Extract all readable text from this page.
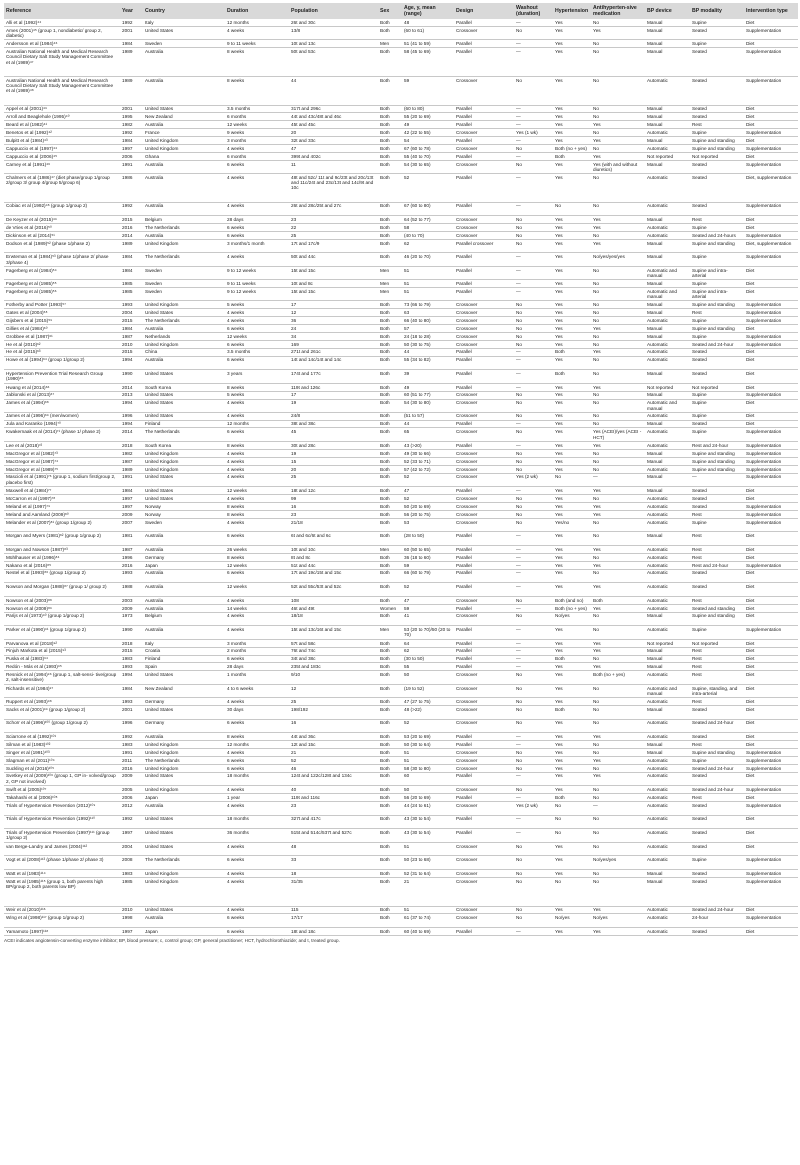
Reference	Year	Country	Duration	Population	Sex	Age, y, mean (range)	Design	Washout (duration)	Hypertension	Antihyperten-sive medication	BP device	BP modality	Intervention type
Alli et al (1992)⁴⁴	1992	Italy	12 months	26t and 30c	Both	48	Parallel	—	Yes	No	Manual	Supine	Diet
Ames (2001)⁴⁵ (group 1, nondiabetic/ group 2, diabetic)	2001	United States	4 weeks	13/8	Both	(60 to 61)	Crossover	No	Yes	Yes	Manual	Seated	Supplementation
Andersson et al (1984)⁴⁶	1984	Sweden	9 to 11 weeks	10t and 13c	Men	51 (41 to 59)	Parallel	—	Yes	No	Manual	Supine	Diet
Australian National Health and Medical Research Council Dietary Salt Study Management Committee et al (1989)⁴⁷	1989	Australia	8 weeks	50t and 53c	Both	58 (45 to 69)	Parallel	—	Yes	No	Manual	Seated	Supplementation
Australian National Health and Medical Research Council Dietary Salt Study Management Committee et al (1989)⁴⁸	1989	Australia	8 weeks	44	Both	59	Crossover	No	Yes	No	Automatic	Seated	Supplementation
Appel et al (2001)⁴⁹	2001	United States	3.5 months	317t and 296c	Both	(60 to 80)	Parallel	—	Yes	No	Manual	Seated	Diet
Arroll and Beaglehole (1995)⁴⁰	1995	New Zealand	6 months	44t and 43c/48t and 46c	Both	55 (20 to 69)	Parallel	—	Yes	No	Manual	Seated	Diet
Beard et al (1982)⁴¹	1982	Australia	12 weeks	45t and 45c	Both	49	Parallel	—	Yes	Yes	Manual	Rest	Diet
Benetos et al (1992)⁴²	1992	France	9 weeks	20	Both	42 (22 to 55)	Crossover	Yes (1 wk)	Yes	No	Automatic	Supine	Supplementation
Bulpitt et al (1984)⁴³	1984	United Kingdom	3 months	32t and 33c	Both	54	Parallel	—	Yes	Yes	Manual	Supine and standing	Diet
Cappuccio et al (1997)⁴⁴	1997	United Kingdom	4 weeks	47	Both	67 (60 to 78)	Crossover	No	Both (no + yes)	No	Automatic	Supine and standing	Supplementation
Cappuccio et al (2006)⁴⁵	2006	Ghana	6 months	399t and 402c	Both	55 (40 to 70)	Parallel	—	Both	Yes	Not reported	Not reported	Diet
Carney et al (1991)⁴⁶	1991	Australia	6 weeks	11	Both	54 (30 to 65)	Crossover	No	Yes	Yes (with and without diuretics)	Manual	Seated	Supplementation
Chalmers et al (1986)⁴⁷ (diet phase/group 1/group 2/group 3/ group 4/group 5/group 6)	1986	Australia	4 weeks	48t and 52c/ 11t and 9c/23t and 20c/13t and 11c/24t and 23c/13t and 14c/9t and 10c	Both	52	Parallel	—	Yes	No	Automatic	Seated	Diet, supplementation
Cobiac et al (1992)⁴⁸ (group 1/group 2)	1992	Australia	4 weeks	26t and 28c/25t and 27c	Both	67 (60 to 80)	Parallel	—	No	No	Automatic	Seated	Supplementation
De Keyzer et al (2015)⁴⁹	2015	Belgium	28 days	23	Both	64 (52 to 77)	Crossover	No	Yes	Yes	Manual	Rest	Diet
de Vries et al (2016)⁵⁰	2016	The Netherlands	6 weeks	22	Both	58	Crossover	No	Yes	Yes	Automatic	Supine	Diet
Dickinson et al (2014)⁵¹	2014	Australia	6 weeks	25	Both	(40 to 70)	Crossover	No	Yes	No	Automatic	Seated and 24-hours	Supplementation
Dodson et al (1989)⁵² (phase 1/phase 2)	1989	United Kingdom	3 months/1 month	17t and 17c/9	Both	62	Parallel crossover	No	Yes	Yes	Manual	Supine and standing	Diet, supplementation
Erwteman et al (1984)⁵³ (phase 1/phase 2/ phase 3/phase 4)	1984	The Netherlands	4 weeks	50t and 44c	Both	46 (20 to 70)	Parallel	—	Yes	No/yes/yes/yes	Manual	Supine	Supplementation
Fagerberg et al (1984)⁵⁴	1984	Sweden	9 to 12 weeks	15t and 15c	Men	51	Parallel	—	Yes	No	Automatic and manual	Supine and intra-arterial	Diet
Fagerberg et al (1985)⁵⁵	1985	Sweden	9 to 11 weeks	10t and 8c	Men	51	Parallel	—	Yes	No	Manual	Supine	Diet
Fagerberg et al (1985)⁵⁶	1985	Sweden	9 to 12 weeks	15t and 15c	Men	51	Parallel	—	Yes	No	Automatic and manual	Supine and intra-arterial	Diet
Fotherby and Potter (1993)⁵⁷	1993	United Kingdom	5 weeks	17	Both	73 (66 to 79)	Crossover	No	Yes	No	Manual	Supine and standing	Supplementation
Gates et al (2004)⁵⁸	2004	United States	4 weeks	12	Both	63	Crossover	No	Yes	No	Manual	Rest	Supplementation
Gijsbers et al (2015)⁵⁹	2015	The Netherlands	4 weeks	36	Both	66 (40 to 80)	Crossover	No	Yes	No	Automatic	Supine	Supplementation
Gillies et al (1984)⁶⁰	1984	Australia	6 weeks	24	Both	57	Crossover	No	Yes	Yes	Manual	Supine and standing	Diet
Grobbee et al (1987)⁶¹	1987	Netherlands	12 weeks	34	Both	24 (18 to 28)	Crossover	No	Yes	No	Manual	Supine	Supplementation
He et al (2010)⁶²	2010	United Kingdom	6 weeks	169	Both	50 (30 to 75)	Crossover	No	Yes	No	Automatic	Seated and 24-hour	Supplementation
He et al (2015)⁶³	2015	China	3.5 months	271t and 261c	Both	44	Parallel	—	Both	Yes	Automatic	Seated	Diet
Howe et al (1994)⁶⁴ (group 1/group 2)	1994	Australia	6 weeks	14t and 14c/14t and 14c	Both	55 (34 to 82)	Parallel	—	Yes	No	Automatic	Seated	Diet
Hypertension Prevention Trial Research Group (1990)⁶⁵	1990	United States	3 years	174t and 177c	Both	39	Parallel	—	Both	No	Manual	Seated	Diet
Hwang et al (2014)⁶⁶	2014	South Korea	8 weeks	119t and 126c	Both	49	Parallel	—	Yes	Yes	Not reported	Not reported	Diet
Jablonski et al (2013)⁶⁷	2013	United States	5 weeks	17	Both	60 (51 to 77)	Crossover	No	Yes	No	Manual	Supine	Supplementation
James et al (1994)⁶⁸	1994	United States	4 weeks	19	Both	54 (30 to 80)	Crossover	No	Yes	No	Automatic and manual	Supine	Diet
James et al (1996)⁶⁹ (men/women)	1996	United States	4 weeks	24/8	Both	(51 to 57)	Crossover	No	Yes	No	Automatic	Supine	Diet
Jula and Karanko (1994)⁷⁰	1994	Finland	12 months	38t and 38c	Both	44	Parallel	—	Yes	No	Manual	Seated	Diet
Kwakernaak et al (2014)⁷¹ (phase 1/ phase 2)	2014	The Netherlands	6 weeks	45	Both	65	Crossover	No	Yes	Yes (ACEI)/yes (ACEI - HCT)	Automatic	Supine	Supplementation
Lee et al (2018)⁷²	2018	South Korea	8 weeks	30t and 28c	Both	43 (>20)	Parallel	—	Yes	Yes	Automatic	Rest and 24-hour	Supplementation
MacGregor et al (1982)⁷³	1982	United Kingdom	4 weeks	19	Both	49 (30 to 66)	Crossover	No	Yes	No	Manual	Supine and standing	Supplementation
MacGregor et al (1987)⁷⁴	1987	United Kingdom	4 weeks	15	Both	52 (33 to 71)	Crossover	No	Yes	No	Manual	Supine and standing	Supplementation
MacGregor et al (1989)⁷⁵	1989	United Kingdom	4 weeks	20	Both	57 (42 to 72)	Crossover	No	Yes	No	Automatic	Supine and standing	Supplementation
Mascioli et al (1991)⁷⁶ (group 1, sodium first/group 2, placebo first)	1991	United States	4 weeks	25	Both	52	Crossover	Yes (2 wk)	No	—	Manual	—	Supplementation
Maxwell et al (1984)⁷⁷	1984	United States	12 weeks	18t and 12c	Both	47	Parallel	—	Yes	Yes	Manual	Seated	Diet
McCarron et al (1997)⁷⁸	1997	United States	4 weeks	99	Both	52	Crossover	No	Yes	No	Automatic	Seated	Diet
Meland et al (1997)⁷⁹	1997	Norway	8 weeks	16	Both	50 (20 to 69)	Crossover	No	Yes	Yes	Automatic	Seated	Supplementation
Meland and Aamland (2009)⁸⁰	2009	Norway	8 weeks	23	Both	56 (20 to 75)	Crossover	No	Yes	Yes	Automatic	Rest	Supplementation
Melander et al (2007)⁸¹ (group 1/group 2)	2007	Sweden	4 weeks	21/18	Both	53	Crossover	No	Yes/no	No	Automatic	Supine	Supplementation
Morgan and Myers (1981)⁸² (group 1/group 2)	1981	Australia	6 weeks	6t and 6c/6t and 6c	Both	(28 to 50)	Parallel	—	Yes	No	Manual	Rest	Diet
Morgan and Nowson (1987)⁸³	1987	Australia	26 weeks	10t and 10c	Men	60 (50 to 65)	Parallel	—	Yes	Yes	Automatic	Rest	Diet
Mühlhauser et al (1996)⁸⁴	1996	Germany	8 weeks	8t and 8c	Both	36 (18 to 60)	Parallel	—	Yes	No	Automatic	Rest	Diet
Nakano et al (2016)⁸⁵	2016	Japan	12 weeks	51t and 44c	Both	59	Parallel	—	Yes	Yes	Automatic	Rest and 24-hour	Supplementation
Nestel et al (1993)⁸⁶ (group 1/group 2)	1993	Australia	6 weeks	17t and 19c/15t and 15c	Both	66 (60 to 79)	Parallel	—	Yes	No	Automatic	Seated	Diet
Nowson and Morgan (1988)⁸⁷ (group 1/ group 2)	1988	Australia	12 weeks	52t and 55c/53t and 52c	Both	52	Parallel	—	Yes	Yes	Automatic	Seated	Diet
Nowson et al (2003)⁸⁸	2003	Australia	4 weeks	108	Both	47	Crossover	No	Both (and no)	Both	Automatic	Rest	Diet
Nowson et al (2009)⁸⁹	2009	Australia	14 weeks	46t and 49t	Women	59	Parallel	—	Both (no + yes)	Yes	Automatic	Seated and standing	Diet
Parijs et al (1973)⁹⁰ (group 1/group 2)	1973	Belgium	4 weeks	18/18	Both	41	Crossover	No	No/yes	No	Manual	Supine and standing	Diet
Parker et al (1990)⁹¹ (group 1/group 2)	1990	Australia	4 weeks	15t and 13c/16t and 15c	Men	53 (20 to 70)/50 (20 to 70)	Parallel	—	Yes	No	Automatic	Supine	Supplementation
Parvanova et al (2018)⁹²	2018	Italy	3 months	57t and 58c	Both	64	Parallel	—	Yes	Yes	Not reported	Not reported	Diet
Pinjuh Markota et al (2015)⁹³	2015	Croatia	2 months	76t and 74c	Both	62	Parallel	—	Yes	Yes	Manual	Rest	Diet
Puska et al (1983)⁹⁴	1983	Finland	6 weeks	34t and 38c	Both	(30 to 50)	Parallel	—	Both	No	Manual	Rest	Diet
Redón - Más et al (1993)⁹⁵	1993	Spain	28 days	235t and 183c	Both	55	Parallel	—	Yes	Yes	Manual	Rest	Diet
Resnick et al (1994)⁹⁶ (group 1, salt-sensi- tive/group 2, salt-insensitive)	1994	United States	1 months	9/10	Both	50	Crossover	No	Yes	Both (no + yes)	Automatic	Rest	Diet
Richards et al (1984)⁹⁷	1984	New Zealand	4 to 6 weeks	12	Both	(19 to 52)	Crossover	No	Yes	No	Automatic and manual	Supine, standing, and intra-arterial	Diet
Ruppert et al (1993)⁹⁸	1993	Germany	4 weeks	25	Both	47 (27 to 75)	Crossover	No	Yes	No	Automatic	Rest	Diet
Sacks et al (2001)⁹⁹ (group 1/group 2)	2001	United States	30 days	198/192	Both	48 (>22)	Crossover	No	Both	No	Manual	Seated	Diet
Schorr et al (1996)¹⁰⁰ (group 1/group 2)	1996	Germany	6 weeks	16	Both	52	Crossover	No	Yes	No	Automatic	Seated and 24-hour	Diet
Sciarrone et al (1992)¹⁰¹	1992	Australia	8 weeks	44t and 36c	Both	53 (20 to 69)	Parallel	—	Yes	Yes	Automatic	Seated	Diet
Silman et al (1983)¹⁰²	1983	United Kingdom	12 months	12t and 15c	Both	50 (30 to 64)	Parallel	—	Yes	No	Manual	Rest	Diet
Singer et al (1991)¹⁰³	1991	United Kingdom	4 weeks	21	Both	51	Crossover	No	Yes	No	Manual	Supine and standing	Supplementation
Slagman et al (2011)¹⁰⁴	2011	The Netherlands	6 weeks	52	Both	51	Crossover	No	Yes	Yes	Automatic	Supine	Supplementation
Suckling et al (2016)¹⁰⁵	2016	United Kingdom	6 weeks	46	Both	58 (30 to 80)	Crossover	No	Yes	No	Automatic	Seated and 24-hour	Supplementation
Svetkey et al (2009)¹⁰⁶ (group 1, GP in- volved/group 2, GP not involved)	2009	United States	18 months	124t and 122c/128t and 134c	Both	60	Parallel	—	Yes	Yes	Automatic	Seated	Diet
Swift et al (2005)¹⁰⁷	2005	United Kingdom	4 weeks	40	Both	50	Crossover	No	Yes	No	Automatic	Seated and 24-hour	Supplementation
Takahashi et al (2006)¹⁰⁸	2006	Japan	1 year	119t and 116c	Both	56 (20 to 69)	Parallel	—	Both	No	Automatic	Rest	Diet
Trials of Hypertension Prevention (2012)¹⁰⁹	2012	Australia	4 weeks	23	Both	44 (24 to 61)	Crossover	Yes (2 wk)	No	—	Automatic	Seated	Supplementation
Trials of Hypertension Prevention (1992)¹¹⁰	1992	United States	18 months	327t and 417c	Both	43 (30 to 54)	Parallel	—	No	No	Automatic	Seated	Diet
Trials of Hypertension Prevention (1997)¹¹¹ (group 1/group 2)	1997	United States	36 months	515t and 514c/537t and 527c	Both	43 (30 to 54)	Parallel	—	No	No	Automatic	Seated	Diet
van Berge-Landry and James (2004)¹¹²	2004	United States	4 weeks	48	Both	51	Crossover	No	Yes	No	Automatic	Seated	Diet
Vogt et al (2008)¹¹³ (phase 1/phase 2/ phase 3)	2008	The Netherlands	6 weeks	33	Both	50 (23 to 68)	Crossover	No	Yes	No/yes/yes	Automatic	Supine	Supplementation
Watt et al (1983)¹¹⁴	1983	United Kingdom	4 weeks	18	Both	52 (31 to 64)	Crossover	No	Yes	No	Manual	Seated	Supplementation
Watt et al (1985)¹¹⁵ (group 1, both parents high BP/group 2, both parents low BP)	1985	United Kingdom	4 weeks	31/35	Both	21	Crossover	No	No	No	Manual	Seated	Supplementation
Weir et al (2010)¹¹⁶	2010	United States	4 weeks	115	Both	51	Crossover	No	Yes	Yes	Automatic	Seated and 24-hour	Diet
Wing et al (1998)¹¹⁷ (group 1/group 2)	1998	Australia	6 weeks	17/17	Both	61 (37 to 74)	Crossover	No	No/yes	No/yes	Automatic	24-hour	Supplementation
Yamamoto (1997)¹¹⁸	1997	Japan	6 weeks	18t and 18c	Both	60 (40 to 69)	Parallel	—	Yes	Yes	Automatic	Seated	Diet
ACEI indicates angiotensin-converting enzyme inhibitor; BP, blood pressure; c, control group; GP, general practitioner; HCT, hydrochlorothiazide; and t, treated group.
